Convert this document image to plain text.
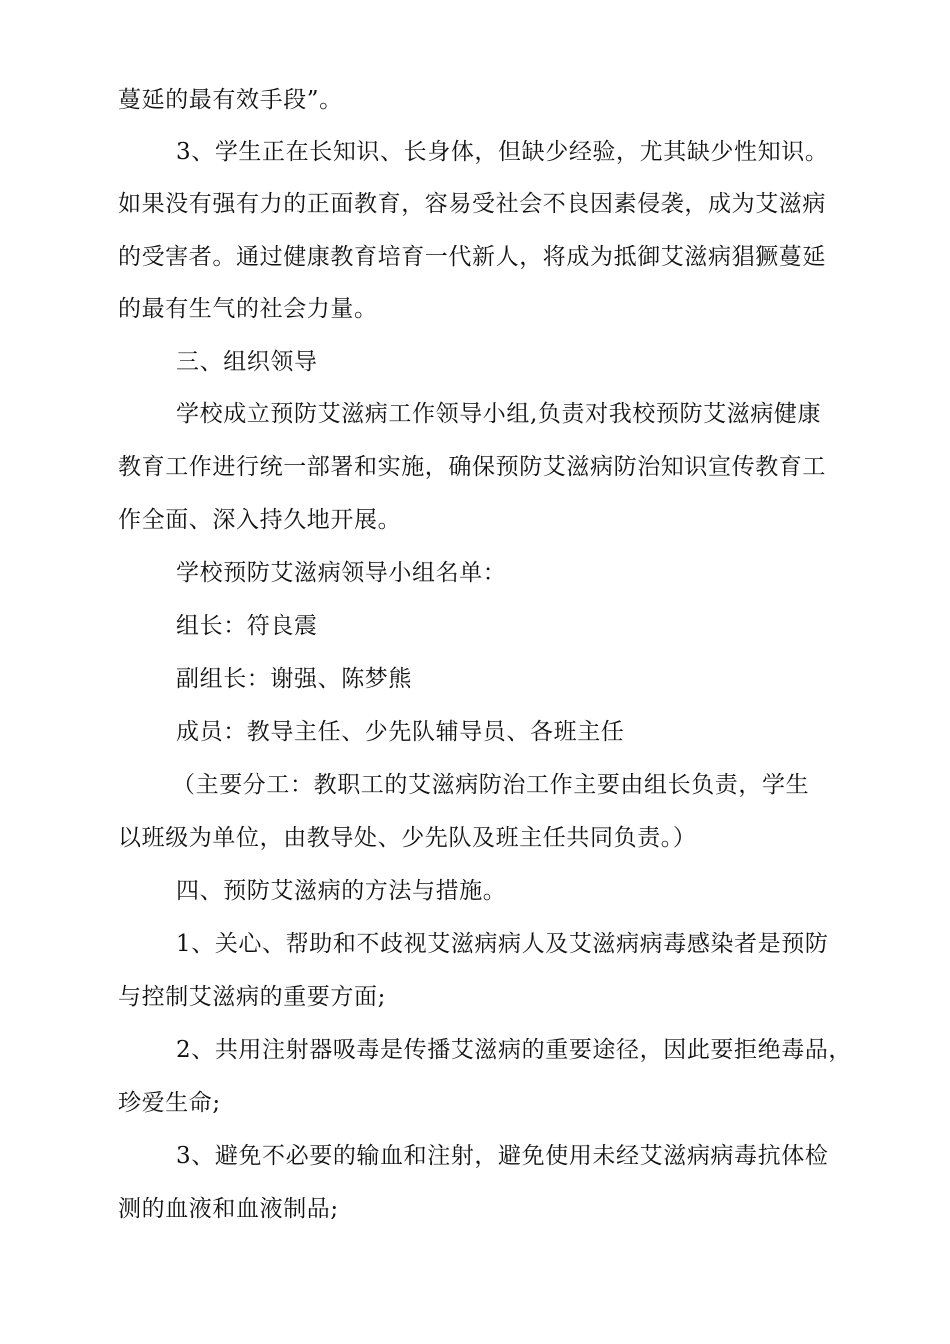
蔓延的最有效手段”。
3、学生正在长知识、长身体，但缺少经验，尤其缺少性知识。
如果没有强有力的正面教育，容易受社会不良因素侵袭，成为艾滋病
的受害者。通过健康教育培育一代新人，将成为抵御艾滋病猖獗蔓延
的最有生气的社会力量。
三、组织领导
学校成立预防艾滋病工作领导小组,负责对我校预防艾滋病健康
教育工作进行统一部署和实施，确保预防艾滋病防治知识宣传教育工
作全面、深入持久地开展。
学校预防艾滋病领导小组名单：
组长：符良震
副组长：谢强、陈梦熊
成员：教导主任、少先队辅导员、各班主任
（主要分工：教职工的艾滋病防治工作主要由组长负责，学生
以班级为单位，由教导处、少先队及班主任共同负责。）
四、预防艾滋病的方法与措施。
1、关心、帮助和不歧视艾滋病病人及艾滋病病毒感染者是预防
与控制艾滋病的重要方面;
2、共用注射器吸毒是传播艾滋病的重要途径，因此要拒绝毒品，
珍爱生命;
3、避免不必要的输血和注射，避免使用未经艾滋病病毒抗体检
测的血液和血液制品;
